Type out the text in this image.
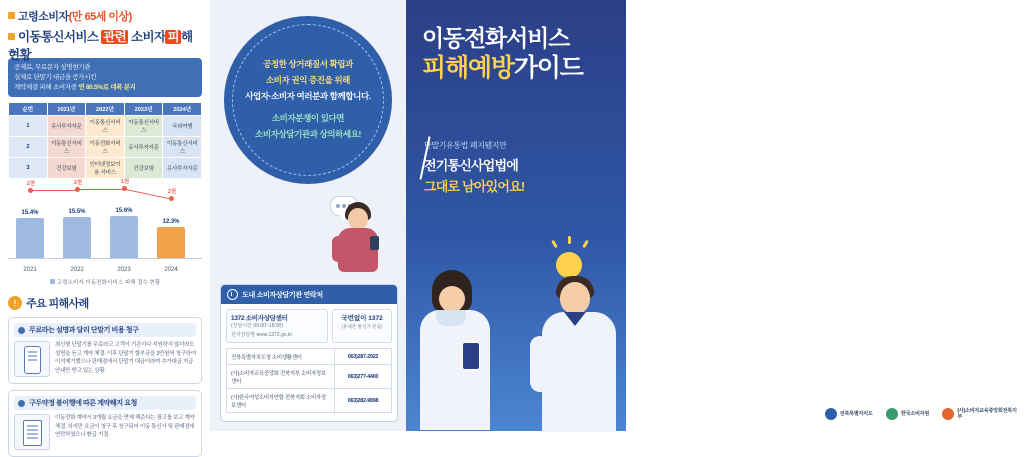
고령소비자(만 65세 이상)
이동통신서비스 관련 소비자 피 해 현황
공제료, 무료문자 설명현기관
실제로 단말기 대금을 증가시킨
계약체결 피해 소비자중 연 80.5%로 대폭 분지
순번	2021년	2022년	2023년	2024년
1	유사투자자문	이동통신서비스	이동통신서비스	국외여행
2	이동통신서비스	이동전화서비스	유사투자자문	이동통신서비스
3	건강보험	인터넷정보이용 서비스	건강보험	유사투자자문
15.4%	15.5%	15.6%
12.3%
2천	2천	1천
2천
2021	2022	2023	2024
고령소비자 이동전화서비스 피해 접수 현황
! 주요 피해사례
무료라는 설명과 달리 단말기 비용 청구
최신형 단말기를 무료라고 고객이 기존이다 지원하지 않더라도 설명을 듣고 계약 체결. 이후 단말기 할부금을 3만원씩 청구하여 이의제기했으나 판매점에서 단말기 대금이라며 추가대금 지급 안내만 받고 있는 상황.
구두약정 불이행에 따른 계약해지 요청
이동전화 계약시 3개월 요금을 면제 해준다는 광고를 보고 계약 체결. 하지만 요금이 청구 후 청구되어 이동 통신사 및 판매점에 연락하였으나 환급 거절.
공정한 상거래질서 확립과
소비자 권익 증진을 위해
사업자·소비자 여러분과 함께합니다.
소비자분쟁이 있다면
소비자상담기관과 상의하세요!
도내 소비자상담기관 연락처
1372 소비자상담센터
(상담시간 09:00~18:00)
전자상담방 www.1372.go.kr
국번없이 1372
(휴대폰 발신가 분담)
전북특별자치도청 소비생활센터	063)287-2922
(사)소비자교육중앙회 전북지부 소비자정보센터	063)277-4400
(사)한국여성소비자연합 전북지회 소비자정보센터	063)282-9898
이동전화서비스
피해예방가이드
단말기유통법 폐지됐지만
전기통신사업법에
그대로 남아있어요!
전북특별자치도	한국소비자원
(사)소비자교육중앙회전북지부
